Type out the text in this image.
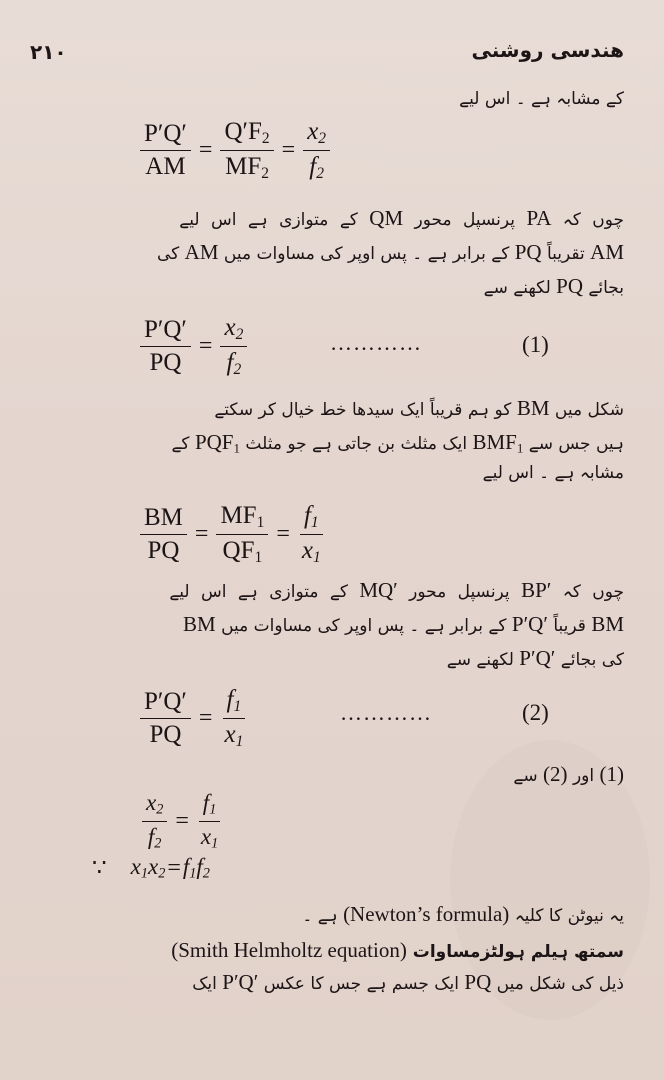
۲۱۰	هندسی روشنی
کے مشابہ ہے ۔ اس لیے
$\frac{P'Q'}{AM} = \frac{Q'F_2}{MF_2} = \frac{x_2}{f_2}$
چوں کہ PA پرنسپل محور QM کے متوازی ہے اس لیے
AM تقریباً PQ کے برابر ہے ۔ پس اوپر کی مساوات میں AM کی
بجائے PQ لکھنے سے
$\frac{P'Q'}{PQ} = \frac{x_2}{f_2}$	…………	(1)
شکل میں BM کو ہم قریباً ایک سیدھا خط خیال کر سکتے
ہیں جس سے $BMF_1$ ایک مثلث بن جاتی ہے جو مثلث $PQF_1$ کے
مشابہ ہے ۔ اس لیے
$\frac{BM}{PQ} = \frac{MF_1}{QF_1} = \frac{f_1}{x_1}$
چوں کہ BP′ پرنسپل محور MQ′ کے متوازی ہے اس لیے
BM قریباً P′Q′ کے برابر ہے ۔ پس اوپر کی مساوات میں BM
کی بجائے P′Q′ لکھنے سے
$\frac{P'Q'}{PQ} = \frac{f_1}{x_1}$	…………	(2)
(1) اور (2) سے
$\frac{x_2}{f_2} = \frac{f_1}{x_1}$
∵ $x_1x_2 = f_1f_2$
یہ نیوٹن کا کلیہ (Newton’s formula) ہے ۔
سمتھ ہیلم ہولٹزمساوات (Smith Helmholtz equation)
ذیل کی شکل میں PQ ایک جسم ہے جس کا عکس P′Q′ ایک
